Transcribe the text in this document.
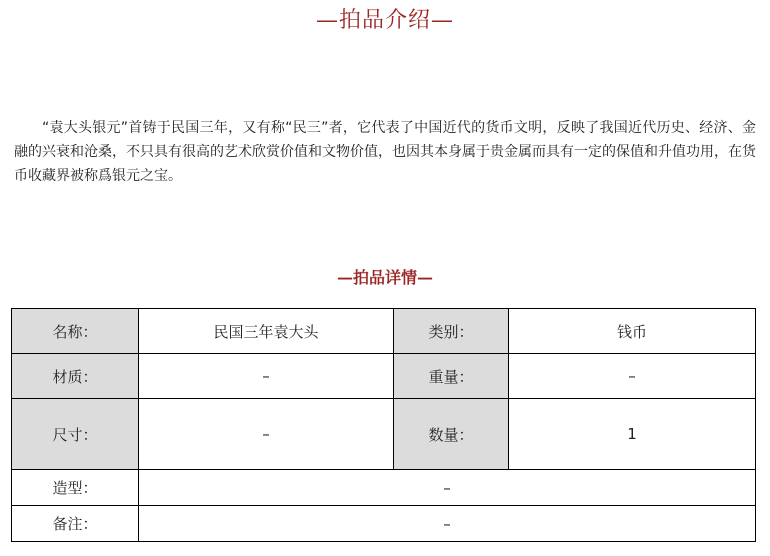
—拍品介绍—

“袁大头银元”首铸于民国三年，又有称“民三”者，它代表了中国近代的货币文明，反映了我国近代历史、经济、金融的兴衰和沧桑，不只具有很高的艺术欣赏价值和文物价值，也因其本身属于贵金属而具有一定的保值和升值功用，在货币收藏界被称爲银元之宝。

—拍品详情—
名称：	民国三年袁大头	类别：	钱币
材质：	–	重量：	–
尺寸：	–	数量：	1
造型：	–		
备注：	–		
